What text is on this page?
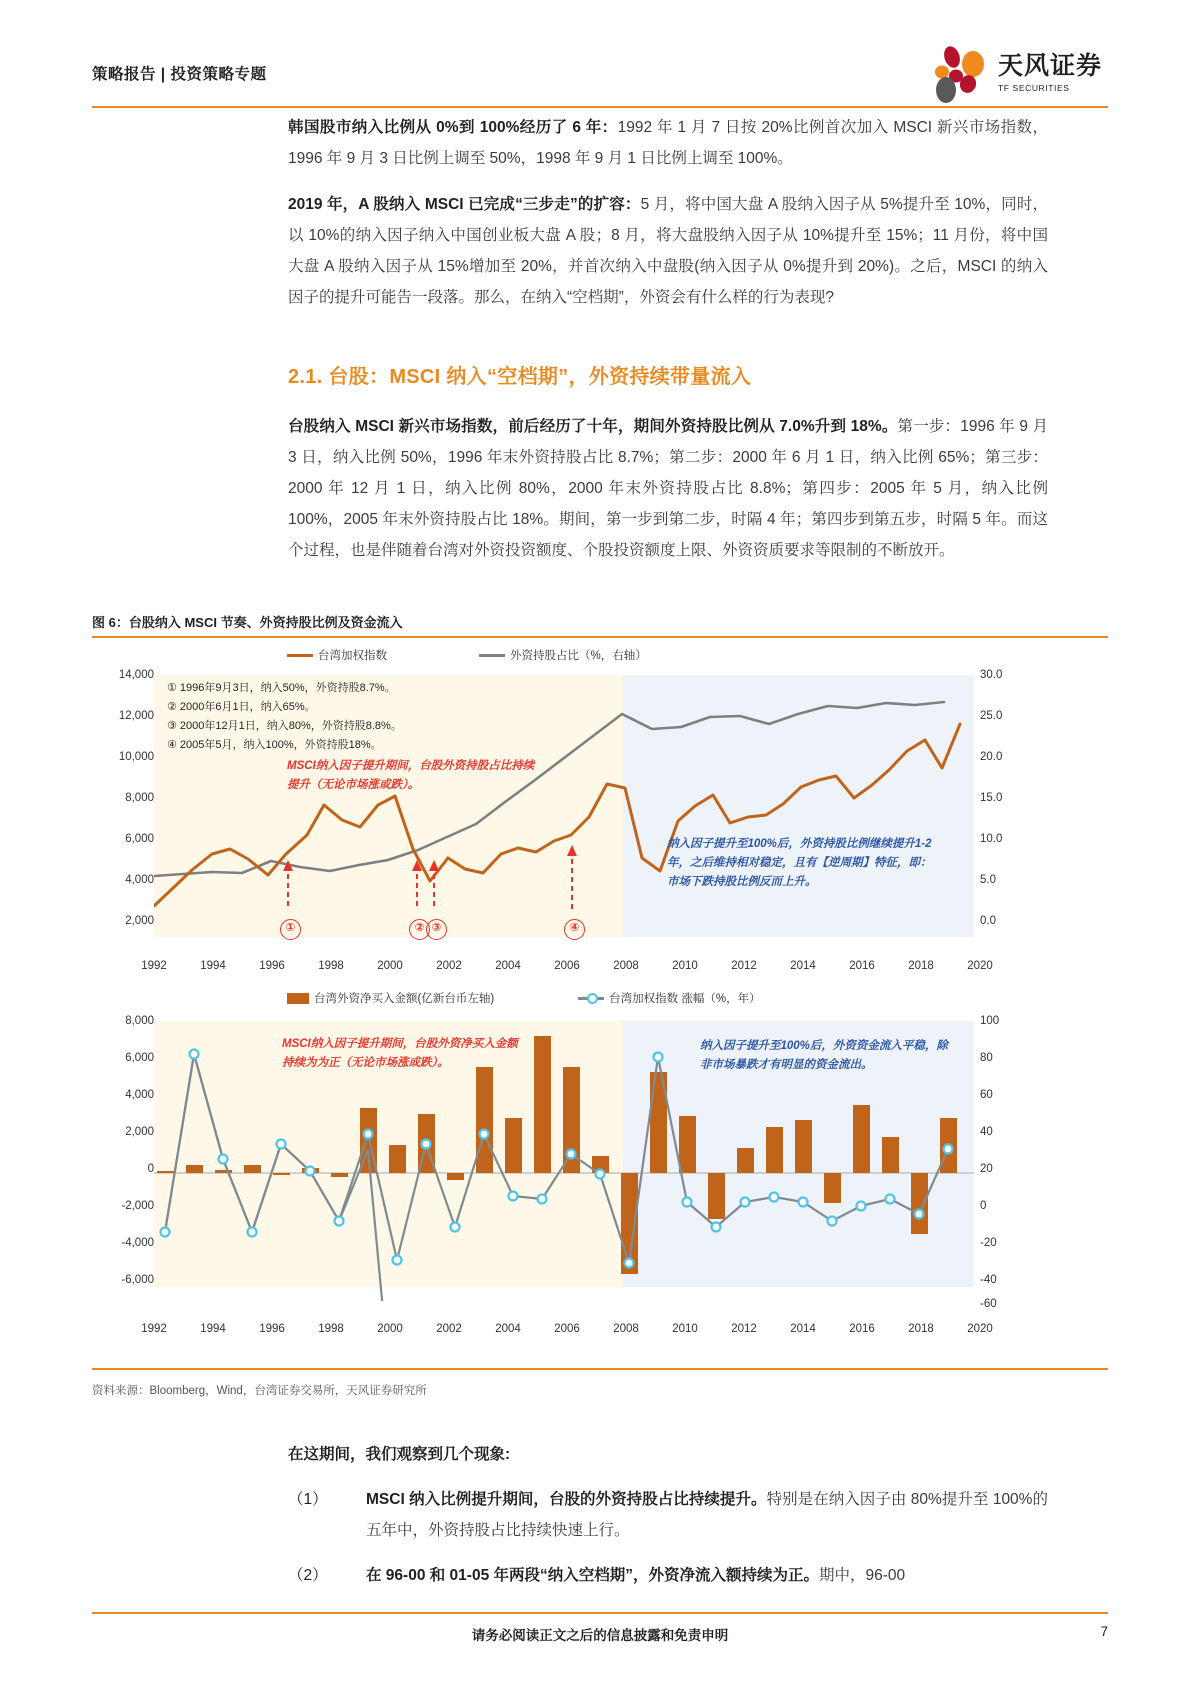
策略报告 | 投资策略专题	天风证券
TF SECURITIES

韩国股市纳入比例从 0%到 100%经历了 6 年：1992 年 1 月 7 日按 20%比例首次加入 MSCI 新兴市场指数，1996 年 9 月 3 日比例上调至 50%，1998 年 9 月 1 日比例上调至 100%。

2019 年，A 股纳入 MSCI 已完成“三步走”的扩容：5 月，将中国大盘 A 股纳入因子从 5%提升至 10%，同时，以 10%的纳入因子纳入中国创业板大盘 A 股；8 月，将大盘股纳入因子从 10%提升至 15%；11 月份，将中国大盘 A 股纳入因子从 15%增加至 20%，并首次纳入中盘股(纳入因子从 0%提升到 20%)。之后，MSCI 的纳入因子的提升可能告一段落。那么，在纳入“空档期”，外资会有什么样的行为表现?

2.1. 台股：MSCI 纳入“空档期”，外资持续带量流入

台股纳入 MSCI 新兴市场指数，前后经历了十年，期间外资持股比例从 7.0%升到 18%。第一步：1996 年 9 月 3 日，纳入比例 50%，1996 年末外资持股占比 8.7%；第二步：2000 年 6 月 1 日，纳入比例 65%；第三步：2000 年 12 月 1 日，纳入比例 80%，2000 年末外资持股占比 8.8%；第四步：2005 年 5 月，纳入比例 100%，2005 年末外资持股占比 18%。期间，第一步到第二步，时隔 4 年；第四步到第五步，时隔 5 年。而这个过程，也是伴随着台湾对外资投资额度、个股投资额度上限、外资资质要求等限制的不断放开。

图 6：台股纳入 MSCI 节奏、外资持股比例及资金流入
台湾加权指数	外资持股占比（%，右轴）
14,000
12,000
10,000
8,000
6,000
4,000
2,000
30.0
25.0
20.0
15.0
10.0
5.0
0.0
①	② ③	④
① 1996年9月3日，纳入50%，外资持股8.7%。
② 2000年6月1日，纳入65%。
③ 2000年12月1日，纳入80%，外资持股8.8%。
④ 2005年5月，纳入100%，外资持股18%。
MSCI纳入因子提升期间，台股外资持股占比持续提升（无论市场涨或跌）。
纳入因子提升至100%后，外资持股比例继续提升1-2年，之后维持相对稳定，且有【逆周期】特征，即：市场下跌持股比例反而上升。
1992	1994	1996	1998	2000	2002	2004	2006	2008	2010	2012	2014	2016	2018	2020
台湾外资净买入金额(亿新台币左轴)	台湾加权指数 涨幅（%，年）
8,000
6,000
4,000
2,000
0
-2,000
-4,000
-6,000
100
80
60
40
20
0
-20
-40
-60
MSCI纳入因子提升期间，台股外资净买入金额持续为为正（无论市场涨或跌）。
纳入因子提升至100%后，外资资金流入平稳，除非市场暴跌才有明显的资金流出。
1992	1994	1996	1998	2000	2002	2004	2006	2008	2010	2012	2014	2016	2018	2020
资料来源：Bloomberg，Wind，台湾证券交易所，天风证券研究所
在这期间，我们观察到几个现象:
（1）	MSCI 纳入比例提升期间，台股的外资持股占比持续提升。特别是在纳入因子由 80%提升至 100%的五年中，外资持股占比持续快速上行。
（2）	在 96-00 和 01-05 年两段“纳入空档期”，外资净流入额持续为正。期中，96-00
请务必阅读正文之后的信息披露和免责申明	7
